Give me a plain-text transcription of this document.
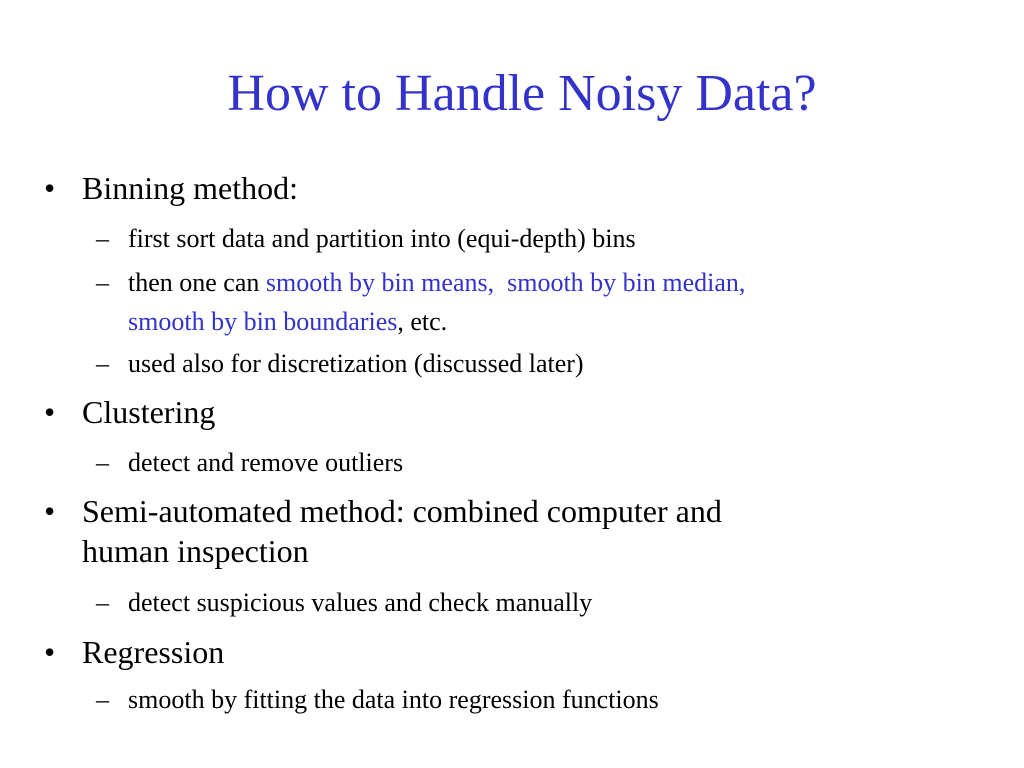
How to Handle Noisy Data?
• Binning method:
– first sort data and partition into (equi-depth) bins
– then one can smooth by bin means,  smooth by bin median,
smooth by bin boundaries, etc.
– used also for discretization (discussed later)
• Clustering
– detect and remove outliers
• Semi-automated method: combined computer and
human inspection
– detect suspicious values and check manually
• Regression
– smooth by fitting the data into regression functions
